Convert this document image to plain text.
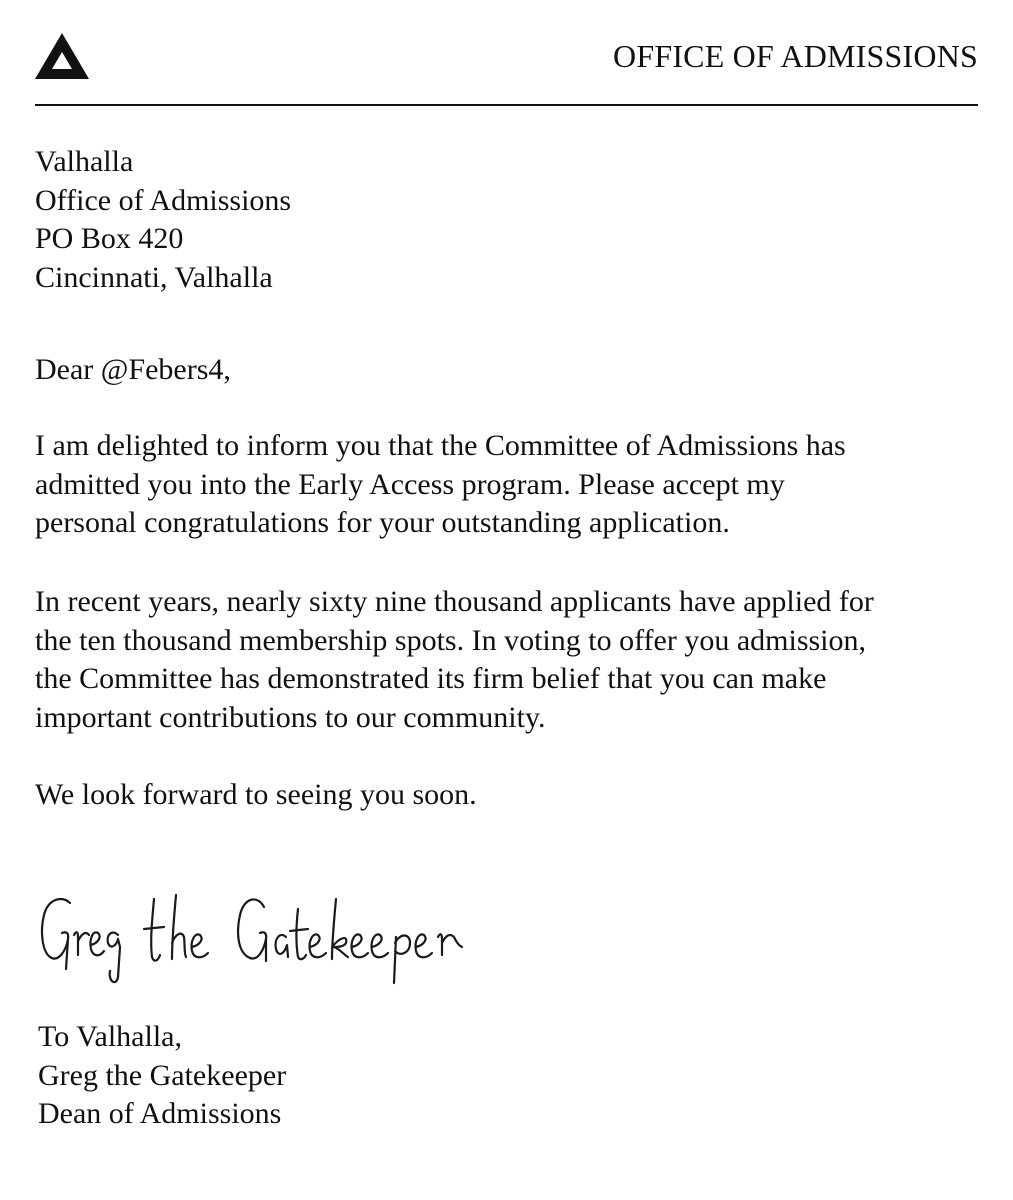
OFFICE OF ADMISSIONS
Valhalla
Office of Admissions
PO Box 420
Cincinnati, Valhalla
Dear @Febers4,
I am delighted to inform you that the Committee of Admissions has
admitted you into the Early Access program. Please accept my
personal congratulations for your outstanding application.
In recent years, nearly sixty nine thousand applicants have applied for
the ten thousand membership spots. In voting to offer you admission,
the Committee has demonstrated its firm belief that you can make
important contributions to our community.
We look forward to seeing you soon.
To Valhalla,
Greg the Gatekeeper
Dean of Admissions
